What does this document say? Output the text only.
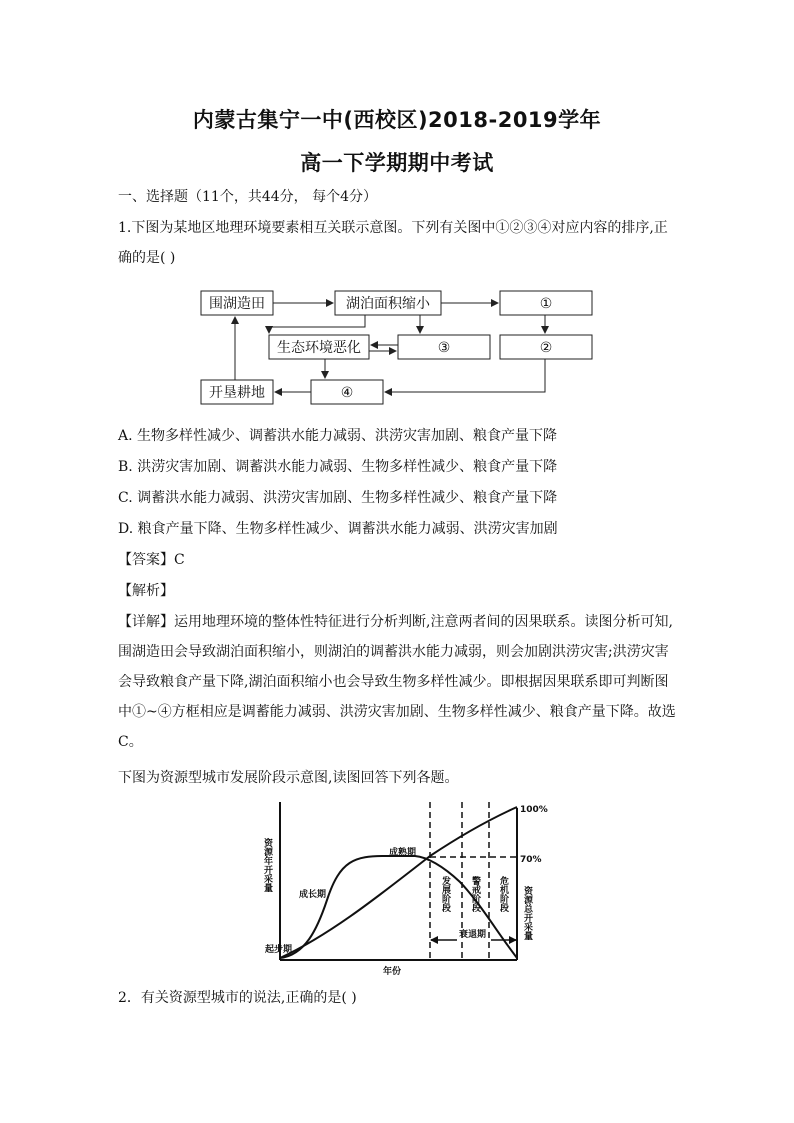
内蒙古集宁一中(西校区)2018-2019学年
高一下学期期中考试
一、选择题（11个，共44分， 每个4分）
1.下图为某地区地理环境要素相互关联示意图。下列有关图中①②③④对应内容的排序,正
确的是( )
围湖造田	湖泊面积缩小	①
生态环境恶化	③	②
开垦耕地	④
A. 生物多样性减少、调蓄洪水能力减弱、洪涝灾害加剧、粮食产量下降
B. 洪涝灾害加剧、调蓄洪水能力减弱、生物多样性减少、粮食产量下降
C. 调蓄洪水能力减弱、洪涝灾害加剧、生物多样性减少、粮食产量下降
D. 粮食产量下降、生物多样性减少、调蓄洪水能力减弱、洪涝灾害加剧
【答案】C
【解析】
【详解】运用地理环境的整体性特征进行分析判断,注意两者间的因果联系。读图分析可知,围湖造田会导致湖泊面积缩小，则湖泊的调蓄洪水能力减弱，则会加剧洪涝灾害;洪涝灾害会导致粮食产量下降,湖泊面积缩小也会导致生物多样性减少。即根据因果联系即可判断图中①~④方框相应是调蓄能力减弱、洪涝灾害加剧、生物多样性减少、粮食产量下降。故选C。
下图为资源型城市发展阶段示意图,读图回答下列各题。
100%
70%
成熟期
成长期
起步期
年份
衰退期
资源年开采量
发展阶段 警戒阶段 危机阶段 资源总开采量
2．有关资源型城市的说法,正确的是( )
